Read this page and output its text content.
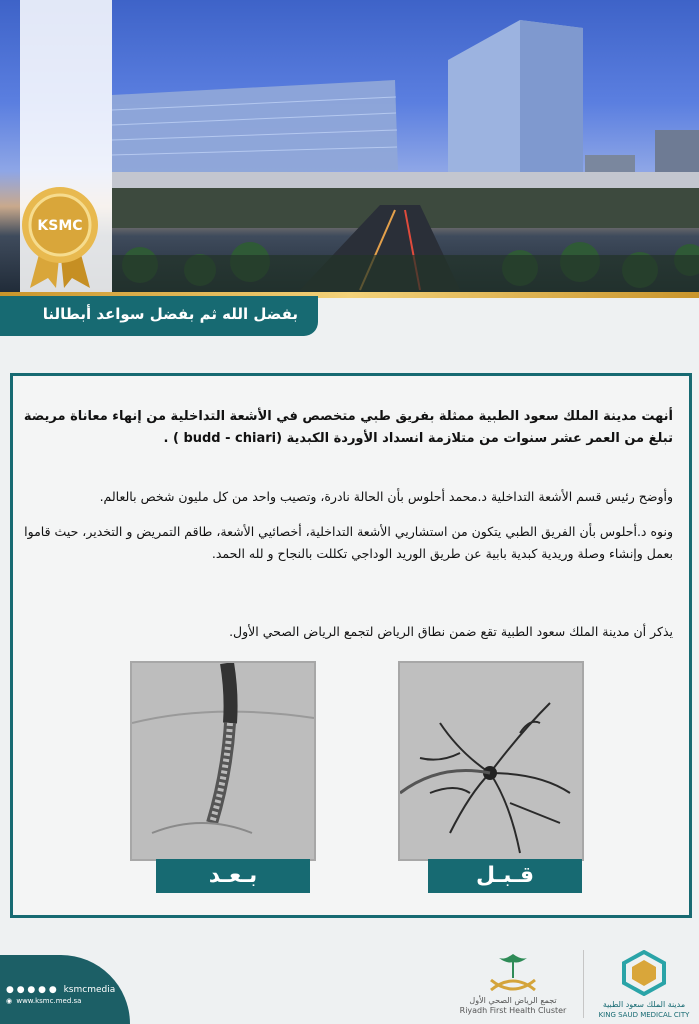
KSMC
بفضل الله ثم بفضل سواعد أبطالنا
أنهت مدينة الملك سعود الطبية ممثلة بفريق طبي متخصص في الأشعة التداخلية من إنهاء معاناة مريضة تبلغ من العمر عشر سنوات من متلازمة انسداد الأوردة الكبدية (budd - chiari ) .
وأوضح رئيس قسم الأشعة التداخلية د.محمد أحلوس بأن الحالة نادرة، وتصيب واحد من كل مليون شخص بالعالم.
ونوه د.أحلوس بأن الفريق الطبي يتكون من استشاريي الأشعة التداخلية، أخصائيي الأشعة، طاقم التمريض و التخدير، حيث قاموا بعمل وإنشاء وصلة وريدية كبدية بابية عن طريق الوريد الوداجي تكللت بالنجاح و لله الحمد.
يذكر أن مدينة الملك سعود الطبية تقع ضمن نطاق الرياض لتجمع الرياض الصحي الأول.
بـعـد	قـبـل
● ● ● ● ● ksmcmedia
◉ www.ksmc.med.sa	تجمع الرياض الصحي الأول
Riyadh First Health Cluster
مدينة الملك سعود الطبية
KING SAUD MEDICAL CITY
